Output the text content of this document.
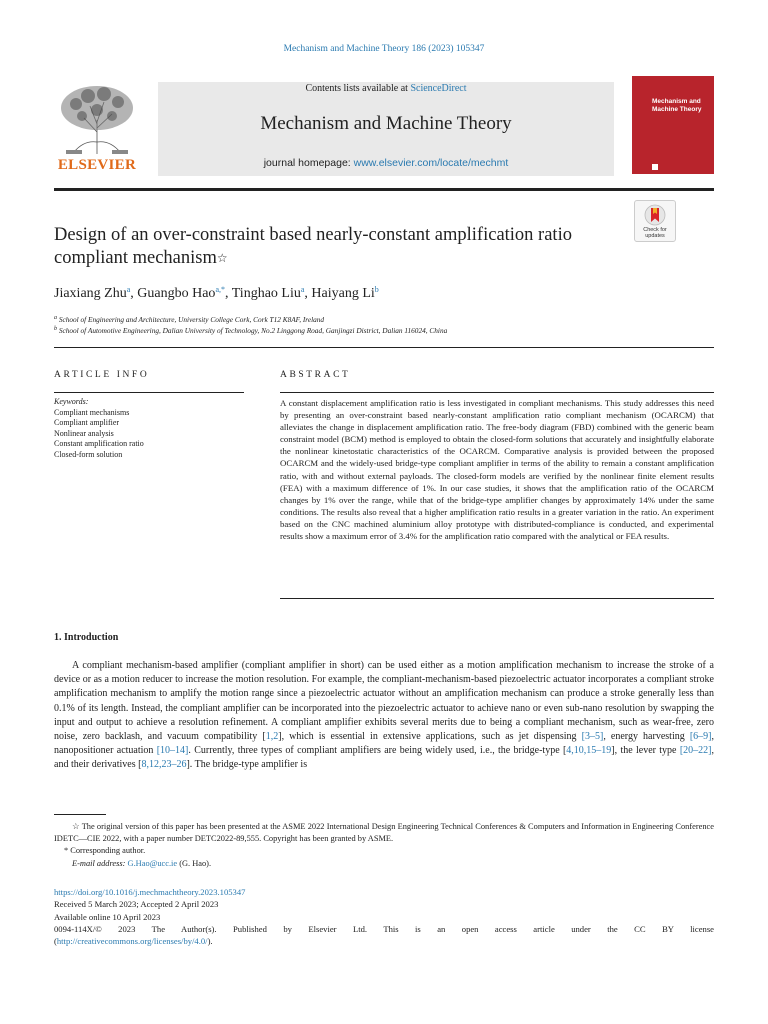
Mechanism and Machine Theory 186 (2023) 105347
ELSEVIER
Contents lists available at ScienceDirect
Mechanism and Machine Theory
journal homepage: www.elsevier.com/locate/mechmt
Mechanism and Machine Theory
Check for updates
Design of an over-constraint based nearly-constant amplification ratio compliant mechanism☆
Jiaxiang Zhu$^a$, Guangbo Hao$^{a,*}$, Tinghao Liu$^a$, Haiyang Li$^b$
$^a$ School of Engineering and Architecture, University College Cork, Cork T12 K8AF, Ireland
$^b$ School of Automotive Engineering, Dalian University of Technology, No.2 Linggong Road, Ganjingzi District, Dalian 116024, China
ARTICLE INFO
Keywords:
Compliant mechanisms
Compliant amplifier
Nonlinear analysis
Constant amplification ratio
Closed-form solution
ABSTRACT
A constant displacement amplification ratio is less investigated in compliant mechanisms. This study addresses this need by presenting an over-constraint based nearly-constant amplification ratio compliant mechanism (OCARCM) that alleviates the change in displacement amplification ratio. The free-body diagram (FBD) combined with the generic beam constraint model (BCM) method is employed to obtain the closed-form solutions that accurately and insightfully elaborate the nonlinear kinetostatic characteristics of the OCARCM. Comparative analysis is provided between the proposed OCARCM and the widely-used bridge-type compliant amplifier in terms of the ability to remain a constant amplification ratio, with and without external payloads. The closed-form models are verified by the nonlinear finite element results (FEA) with a maximum difference of 1%. In our case studies, it shows that the amplification ratio of the OCARCM changes by 1% over the range, while that of the bridge-type amplifier changes by approximately 14% under the same conditions. The results also reveal that a higher amplification ratio results in a greater variation in the ratio. An experiment based on the CNC machined aluminium alloy prototype with distributed-compliance is conducted, and experimental results show a maximum error of 3.4% for the amplification ratio compared with the analytical or FEA results.
1. Introduction
A compliant mechanism-based amplifier (compliant amplifier in short) can be used either as a motion amplification mechanism to increase the stroke of a device or as a motion reducer to increase the motion resolution. For example, the compliant-mechanism-based piezoelectric actuator incorporates a compliant stroke amplification mechanism to amplify the motion range since a piezoelectric actuator without an amplification mechanism can produce a stroke generally less than 0.1% of its length. Instead, the compliant amplifier can be incorporated into the piezoelectric actuator to achieve nano or even sub-nano resolution by swapping the input and output to achieve a resolution refinement. A compliant amplifier exhibits several merits due to being a compliant mechanism, such as wear-free, zero noise, zero backlash, and vacuum compatibility [1,2], which is essential in extensive applications, such as jet dispensing [3–5], energy harvesting [6–9], nanopositioner actuation [10–14]. Currently, three types of compliant amplifiers are being widely used, i.e., the bridge-type [4,10,15–19], the lever type [20–22], and their derivatives [8,12,23–26]. The bridge-type amplifier is
☆ The original version of this paper has been presented at the ASME 2022 International Design Engineering Technical Conferences & Computers and Information in Engineering Conference IDETC—CIE 2022, with a paper number DETC2022-89,555. Copyright has been granted by ASME.
* Corresponding author.
E-mail address: G.Hao@ucc.ie (G. Hao).
https://doi.org/10.1016/j.mechmachtheory.2023.105347
Received 5 March 2023; Accepted 2 April 2023
Available online 10 April 2023
0094-114X/© 2023 The Author(s). Published by Elsevier Ltd. This is an open access article under the CC BY license
(http://creativecommons.org/licenses/by/4.0/).
